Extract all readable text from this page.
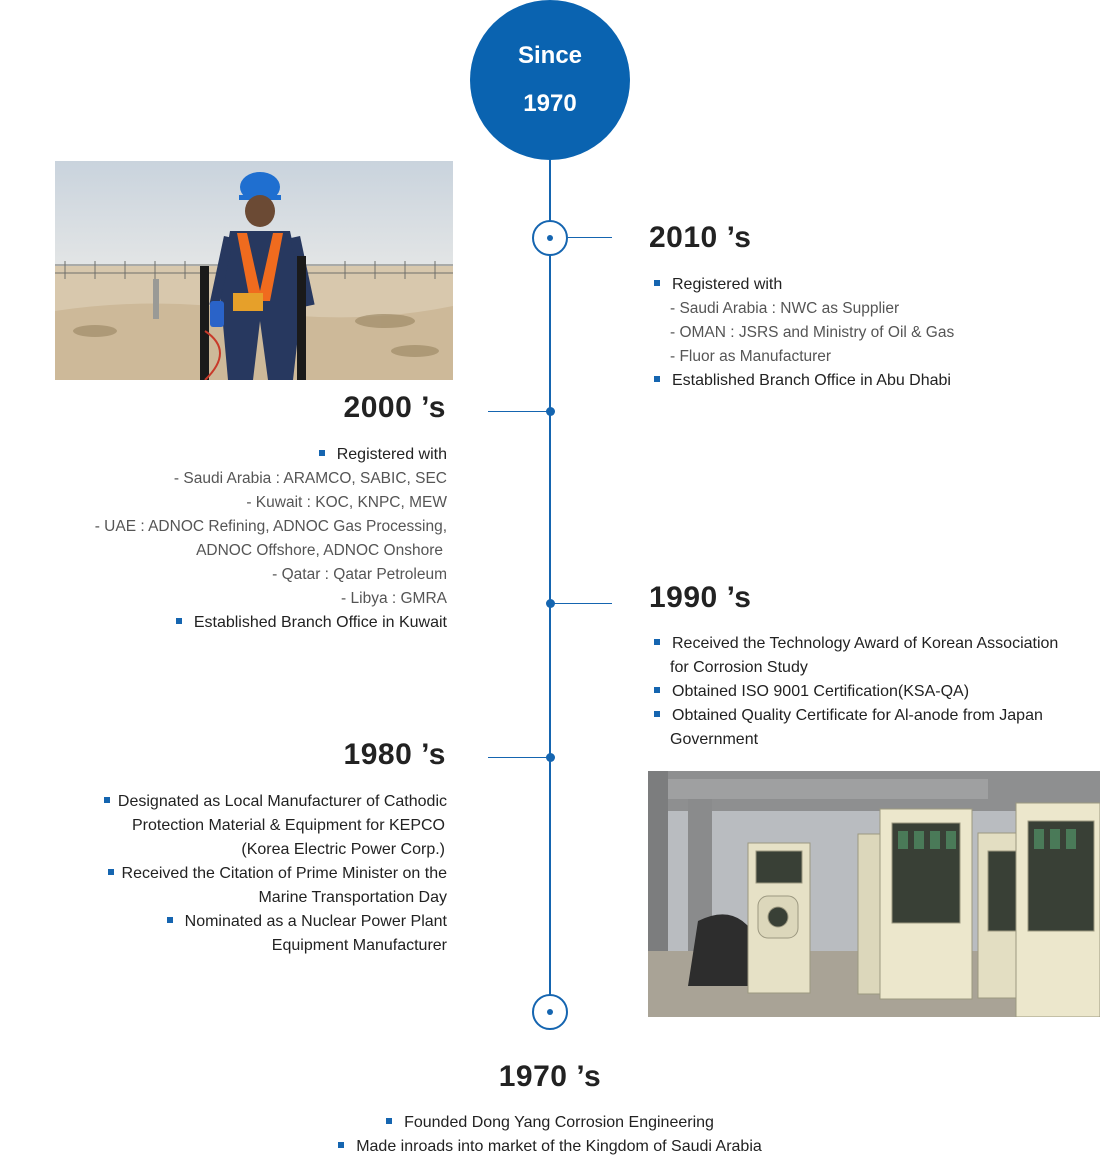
Since
1970
2010 ’s
Registered with
- Saudi Arabia : NWC as Supplier
- OMAN : JSRS and Ministry of Oil & Gas
- Fluor as Manufacturer
Established Branch Office in Abu Dhabi
2000 ’s
Registered with
- Saudi Arabia : ARAMCO, SABIC, SEC
- Kuwait : KOC, KNPC, MEW
- UAE : ADNOC Refining, ADNOC Gas Processing,
ADNOC Offshore, ADNOC Onshore
- Qatar : Qatar Petroleum
- Libya : GMRA
Established Branch Office in Kuwait
1990 ’s
Received the Technology Award of Korean Association
for Corrosion Study
Obtained ISO 9001 Certification(KSA-QA)
Obtained Quality Certificate for Al-anode from Japan
Government
1980 ’s
Designated as Local Manufacturer of Cathodic
Protection Material & Equipment for KEPCO
(Korea Electric Power Corp.)
Received the Citation of Prime Minister on the
Marine Transportation Day
Nominated as a Nuclear Power Plant
Equipment Manufacturer
1970 ’s
Founded Dong Yang Corrosion Engineering
Made inroads into market of the Kingdom of Saudi Arabia
